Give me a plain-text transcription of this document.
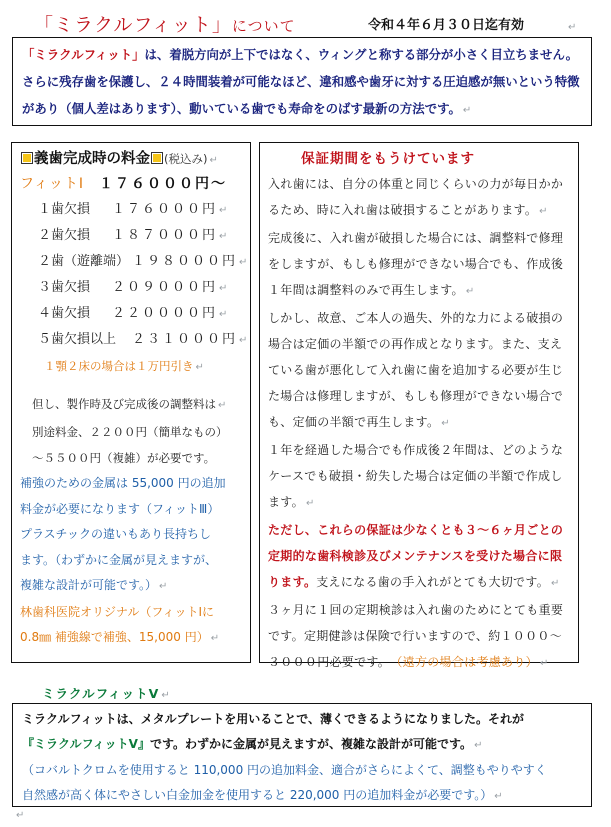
「ミラクルフィット」について	令和４年６月３０日迄有効	↵
「ミラクルフィット」は、着脱方向が上下ではなく、ウィングと称する部分が小さく目立ちません。さらに残存歯を保護し、２４時間装着が可能なほど、違和感や歯牙に対する圧迫感が無いという特徴があり（個人差はあります）、動いている歯でも寿命をのばす最新の方法です。 ↵
義歯完成時の料金 (税込み) ↵
フィットⅠ　 １７６０００円〜
１歯欠損 １７６０００円 ↵
２歯欠損 １８７０００円 ↵
２歯（遊離端） １９８０００円 ↵
３歯欠損 ２０９０００円 ↵
４歯欠損 ２２００００円 ↵
５歯欠損以上 ２３１０００円 ↵
１顎２床の場合は１万円引き ↵
但し、製作時及び完成後の調整料は ↵
別途料金、２２００円（簡単なもの）
〜５５００円（複雑）が必要です。
補強のための金属は 55,000 円の追加
料金が必要になります（フィットⅢ）
プラスチックの違いもあり長持ちし
ます。（わずかに金属が見えますが、
複雑な設計が可能です。） ↵
林歯科医院オリジナル（フィットⅠに
0.8㎜ 補強線で補強、15,000 円） ↵
保証期間をもうけています
入れ歯には、自分の体重と同じくらいの力が毎日かかるため、時に入れ歯は破損することがあります。 ↵
完成後に、入れ歯が破損した場合には、調整料で修理をしますが、もしも修理ができない場合でも、作成後１年間は調整料のみで再生します。 ↵
しかし、故意、ご本人の過失、外的な力による破損の場合は定価の半額での再作成となります。また、支えている歯が悪化して入れ歯に歯を追加する必要が生じた場合は修理しますが、もしも修理ができない場合でも、定価の半額で再生します。 ↵
１年を経過した場合でも作成後２年間は、どのようなケースでも破損・紛失した場合は定価の半額で作成します。 ↵
ただし、これらの保証は少なくとも３〜６ヶ月ごとの定期的な歯科検診及びメンテナンスを受けた場合に限ります。支えになる歯の手入れがとても大切です。 ↵
３ヶ月に１回の定期検診は入れ歯のためにとても重要です。定期健診は保険で行いますので、約１０００〜３０００円必要です。　 （遠方の場合は考慮あり） ↵
ミラクルフィットⅤ ↵
ミラクルフィットは、メタルプレートを用いることで、薄くできるようになりました。それが
『ミラクルフィットⅤ』です。わずかに金属が見えますが、複雑な設計が可能です。 ↵
（コバルトクロムを使用すると 110,000 円の追加料金、適合がさらによくて、調整もやりやすく
自然感が高く体にやさしい白金加金を使用すると 220,000 円の追加料金が必要です。） ↵
↵
